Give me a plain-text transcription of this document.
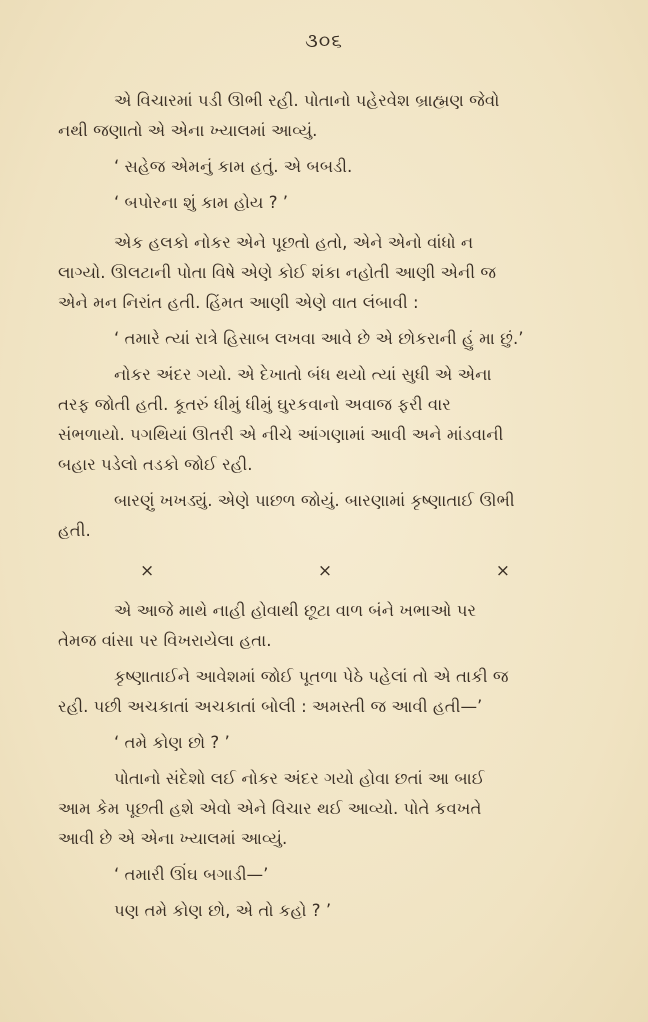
૩૦૬
એ વિચારમાં પડી ઊભી રહી. પોતાનો પહેરવેશ બ્રાહ્મણ જેવો
નથી જણાતો એ એના ખ્યાલમાં આવ્યું.
‘ સહેજ એમનું કામ હતું. એ બબડી.
‘ બપોરના શું કામ હોય ? ’
એક હલકો નોકર એને પૂછતો હતો, એને એનો વાંધો ન
લાગ્યો. ઊલટાની પોતા વિષે એણે કોઈ શંકા નહોતી આણી એની જ
એને મન નિરાંત હતી. હિંમત આણી એણે વાત લંબાવી :
‘ તમારે ત્યાં રાત્રે હિસાબ લખવા આવે છે એ છોકરાની હું મા છું.’
નોકર અંદર ગયો. એ દેખાતો બંધ થયો ત્યાં સુધી એ એના
તરફ જોતી હતી. કૂતરું ધીમું ધીમું ઘુરકવાનો અવાજ ફરી વાર
સંભળાયો. પગથિયાં ઊતરી એ નીચે આંગણામાં આવી અને માંડવાની
બહાર પડેલો તડકો જોઈ રહી.
બારણું ખખડ્યું. એણે પાછળ જોયું. બારણામાં કૃષ્ણાતાઈ ઊભી
હતી.
×	×	×
એ આજે માથે નાહી હોવાથી છૂટા વાળ બંને ખભાઓ પર
તેમજ વાંસા પર વિખરાયેલા હતા.
કૃષ્ણાતાઈને આવેશમાં જોઈ પૂતળા પેઠે પહેલાં તો એ તાકી જ
રહી. પછી અચકાતાં અચકાતાં બોલી : અમસ્તી જ આવી હતી—’
‘ તમે કોણ છો ? ’
પોતાનો સંદેશો લઈ નોકર અંદર ગયો હોવા છતાં આ બાઈ
આમ કેમ પૂછતી હશે એવો એને વિચાર થઈ આવ્યો. પોતે કવખતે
આવી છે એ એના ખ્યાલમાં આવ્યું.
‘ તમારી ઊંઘ બગાડી—’
પણ તમે કોણ છો, એ તો કહો ? ’
